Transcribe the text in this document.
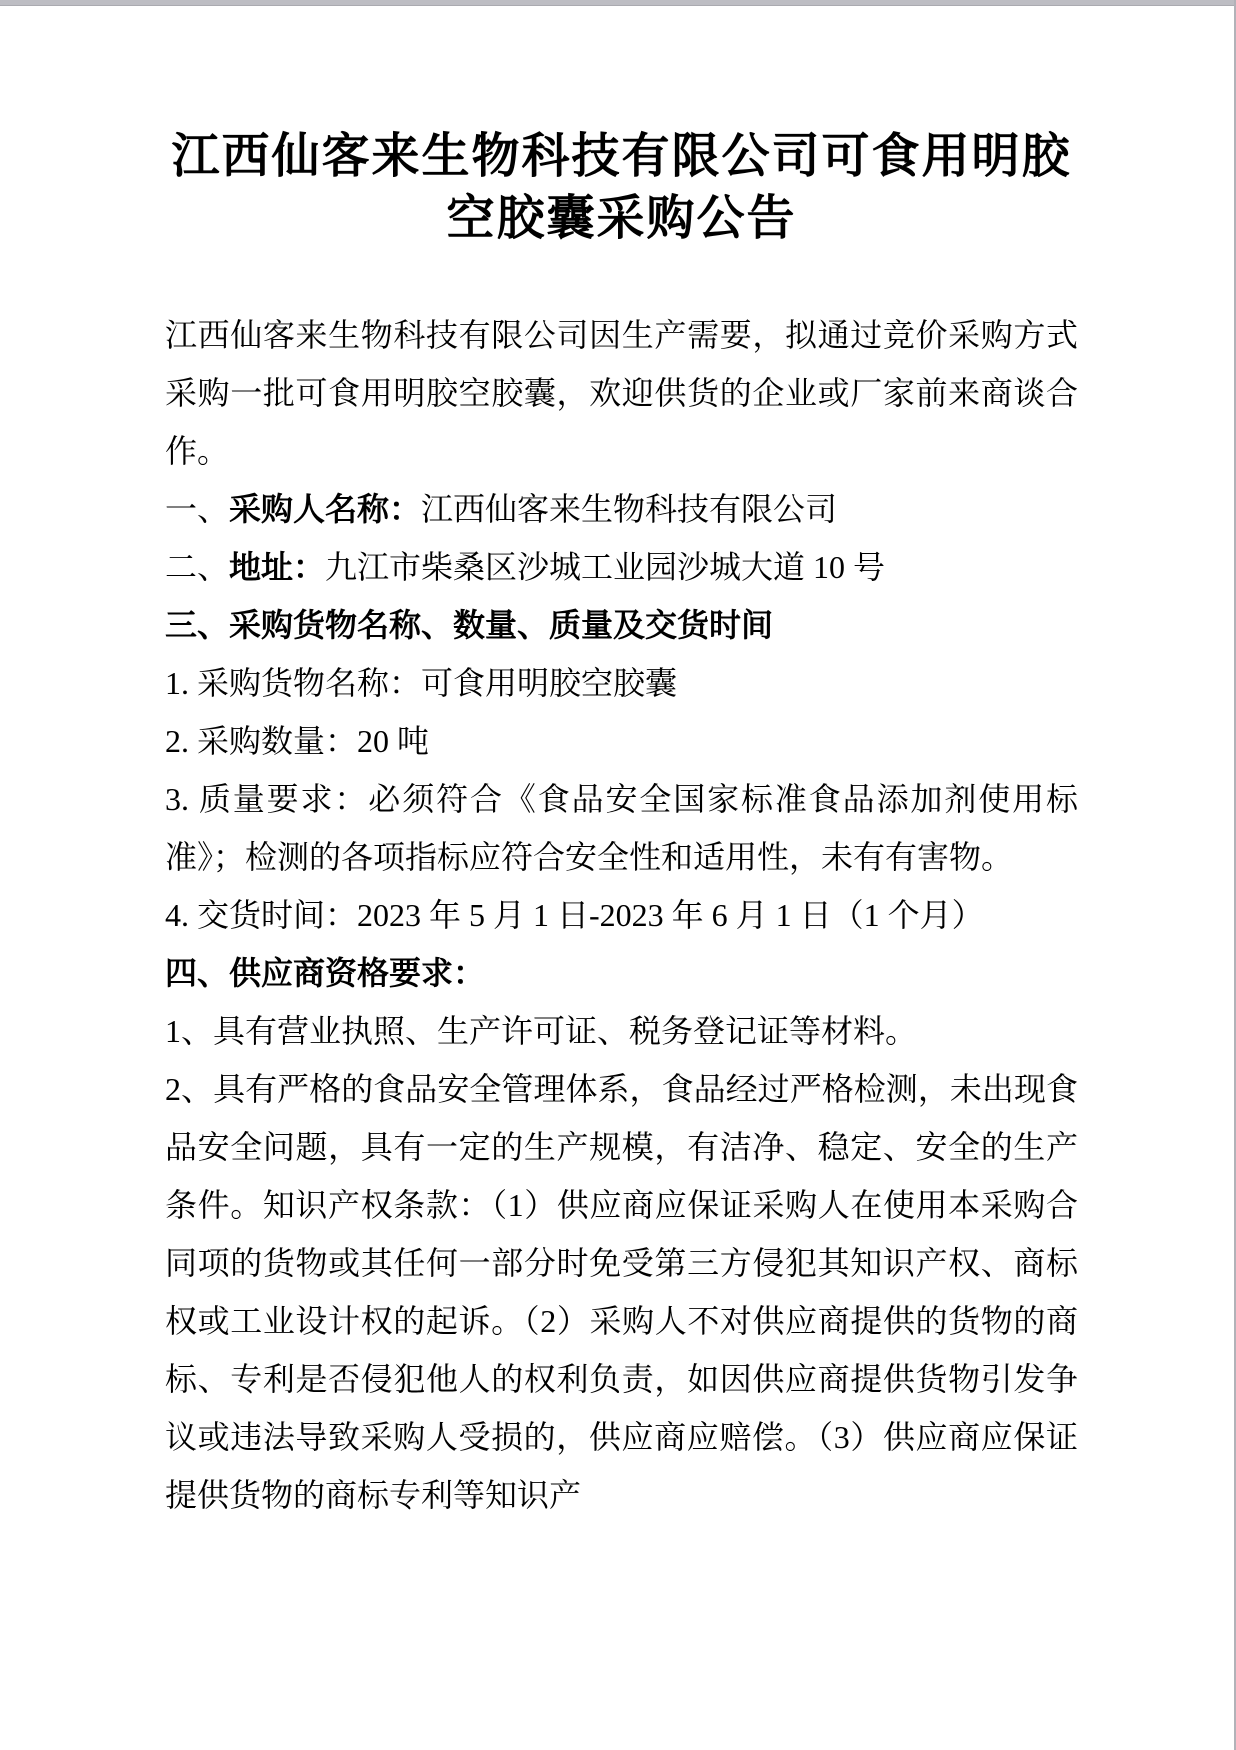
江西仙客来生物科技有限公司可食用明胶
空胶囊采购公告

江西仙客来生物科技有限公司因生产需要，拟通过竞价采购方式采购一批可食用明胶空胶囊，欢迎供货的企业或厂家前来商谈合作。

一、采购人名称：江西仙客来生物科技有限公司

二、地址：九江市柴桑区沙城工业园沙城大道 10 号

三、采购货物名称、数量、质量及交货时间

1. 采购货物名称：可食用明胶空胶囊

2. 采购数量：20 吨

3. 质量要求：必须符合《食品安全国家标准食品添加剂使用标准》；检测的各项指标应符合安全性和适用性，未有有害物。

4. 交货时间：2023 年 5 月 1 日-2023 年 6 月 1 日（1 个月）

四、供应商资格要求：

1、具有营业执照、生产许可证、税务登记证等材料。

2、具有严格的食品安全管理体系，食品经过严格检测，未出现食品安全问题，具有一定的生产规模，有洁净、稳定、安全的生产条件。知识产权条款：（1）供应商应保证采购人在使用本采购合同项的货物或其任何一部分时免受第三方侵犯其知识产权、商标权或工业设计权的起诉。（2）采购人不对供应商提供的货物的商标、专利是否侵犯他人的权利负责，如因供应商提供货物引发争议或违法导致采购人受损的，供应商应赔偿。（3）供应商应保证提供货物的商标专利等知识产
